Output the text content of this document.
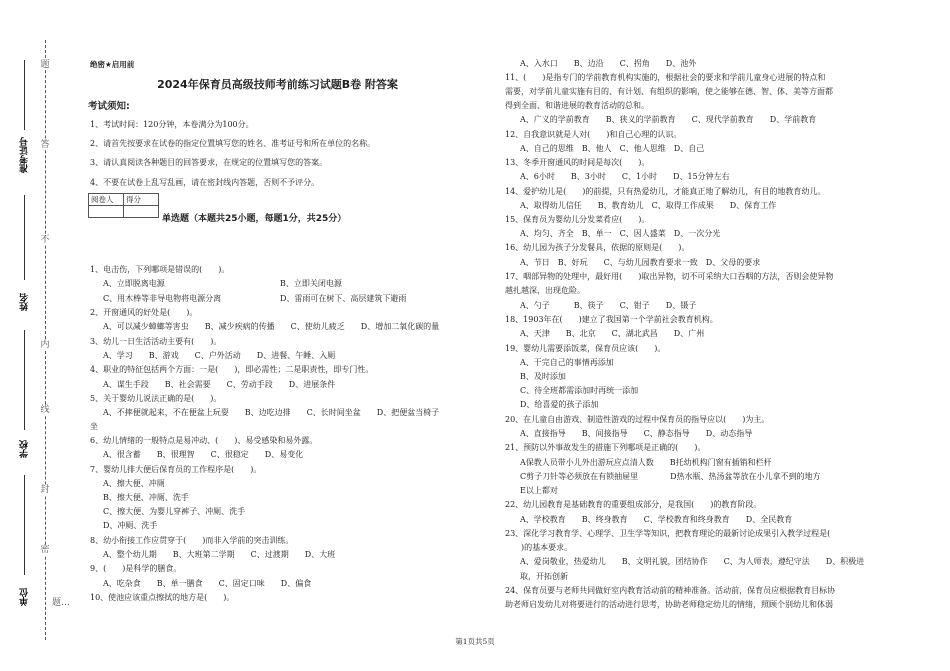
题
答
不
内
线
封
密
准考证号
姓名
学校
单位 题…
绝密★启用前
2024年保育员高级技师考前练习试题B卷 附答案
考试须知:
1、考试时间：120分钟，本卷满分为100分。
2、请首先按要求在试卷的指定位置填写您的姓名、准考证号和所在单位的名称。
3、请认真阅读各种题目的回答要求，在规定的位置填写您的答案。
4、不要在试卷上乱写乱画，请在密封线内答题，否则不予评分。
阅卷人	得分

单选题（本题共25小题，每题1分，共25分）
1、电击伤，下列哪项是错误的(　　)。
A、立即脱离电源	B、立即关闭电源
C、用木棒等非导电物将电源分离	D、雷雨可在树下、高层建筑下避雨
2、开窗通风的好处是(　　)。
A、可以减少蟑螂等害虫　　B、减少疾病的传播　　C、使幼儿疲乏　　D、增加二氧化碳的量
3、幼儿一日生活活动主要有(　　)。
A、学习　　B、游戏　　C、户外活动　　D、进餐、午睡、入厕
4、职业的特征包括两个方面：一是(　　)，即必需性；二是职责性，即专门性。
A、谋生手段　　B、社会需要　　C、劳动手段　　D、进展条件
5、关于婴幼儿说法正确的是(　　)。
A、不摔便就起来，不在便盆上玩耍　　B、边吃边排　　C、长时间坐盆　　D、把便盆当椅子
坐
6、幼儿情绪的一般特点是易冲动、(　　)、易受感染和易外露。
A、很含蓄　　B、很理智　　C、很稳定　　D、易变化
7、婴幼儿排大便后保育员的工作程序是(　　)。
A、擦大便、冲厕
B、擦大便、冲厕、洗手
C、擦大便、为婴儿穿裤子、冲厕、洗手
D、冲厕、洗手
8、幼小衔接工作应贯穿于(　　)而非入学前的突击训练。
A、整个幼儿期　　B、大班第二学期　　C、过渡期　　D、大班
9、(　　)是科学的膳食。
A、吃杂食　　B、单一膳食　　C、固定口味　　D、偏食
10、使池应该重点擦拭的地方是(　　)。
A、入水口　　B、边沿　　C、拐角　　D、池外
11、(　　)是指专门的学前教育机构实施的，根据社会的要求和学前儿童身心进展的特点和
需要，对学前儿童实施有目的、有计划、有组织的影响，使之能够在德、智、体、美等方面都
得到全面、和谐进展的教育活动的总和。
A、广义的学前教育　　B、狭义的学前教育　　C、现代学前教育　　D、学前教育
12、自我意识就是人对(　　)和自己心理的认识。
A、自己的思维　B、他人　C、他人思维　D、自己
13、冬季开窗通风的时间是每次(　　)。
A、6小时　　B、3小时　　C、1小时　　D、15分钟左右
14、爱护幼儿是(　　)的前提，只有热爱幼儿，才能真正地了解幼儿，有目的地教育幼儿。
A、取得幼儿信任　　B、教育幼儿　C、取得工作成果　　D、保育工作
15、保育员为婴幼儿分发菜肴应(　　)。
A、均匀、齐全　B、单一　C、因人盛菜　D、一次分光
16、幼儿园为孩子分发餐具，依据的原则是(　　)。
A、节日　B、好玩　　C、与幼儿园教育要求一致　D、父母的要求
17、咽部异物的处理中，最好用(　　)取出异物，切不可采纳大口吞咽的方法，否则会使异物
越扎越深，出现危险。
A、勺子　　　B、筷子　　C、钳子　　D、镊子
18、1903年在(　　)建立了我国第一个学前社会教育机构。
A、天津　　B、北京　　C、湖北武昌　　D、广州
19、婴幼儿需要添饭菜，保育员应该(　　)。
A、干完自己的事情再添加
B、及时添加
C、待全班都需添加时再统一添加
D、给喜爱的孩子添加
20、在儿童自由游戏、制造性游戏的过程中保育员的指导应以(　　)为主。
A、直接指导　　B、间接指导　　C、静态指导　　D、动态指导
21、预防以外事故发生的措施下列哪项是正确的(　　)。
A保教人员带小儿外出游玩应点清人数　　B托幼机构门窗有插销和栏杆
C剪子刀针等必须放在有锁抽屉里　　　　D热水瓶、热汤盆等放在小儿拿不到的地方
E以上都对
22、幼儿园教育是基础教育的重要组成部分，是我国(　　)的教育阶段。
A、学校教育　　B、终身教育　　C、学校教育和终身教育　　D、全民教育
23、深化学习教育学、心理学、卫生学等知识，把教育理论的最新讨论成果引入教学过程是(
　　)的基本要求。
A、爱岗敬业，热爱幼儿　　B、文明礼貌，团结协作　　C、为人师表，遵纪守法　　D、积极进
取，开拓创新
24、保育员要与老师共同做好室内教育活动前的精神准备。活动前，保育员应根据教育目标协
助老师启发幼儿对将要进行的活动进行思考，协助老师稳定幼儿的情绪，照顾个别幼儿和体弱
第1页共5页
